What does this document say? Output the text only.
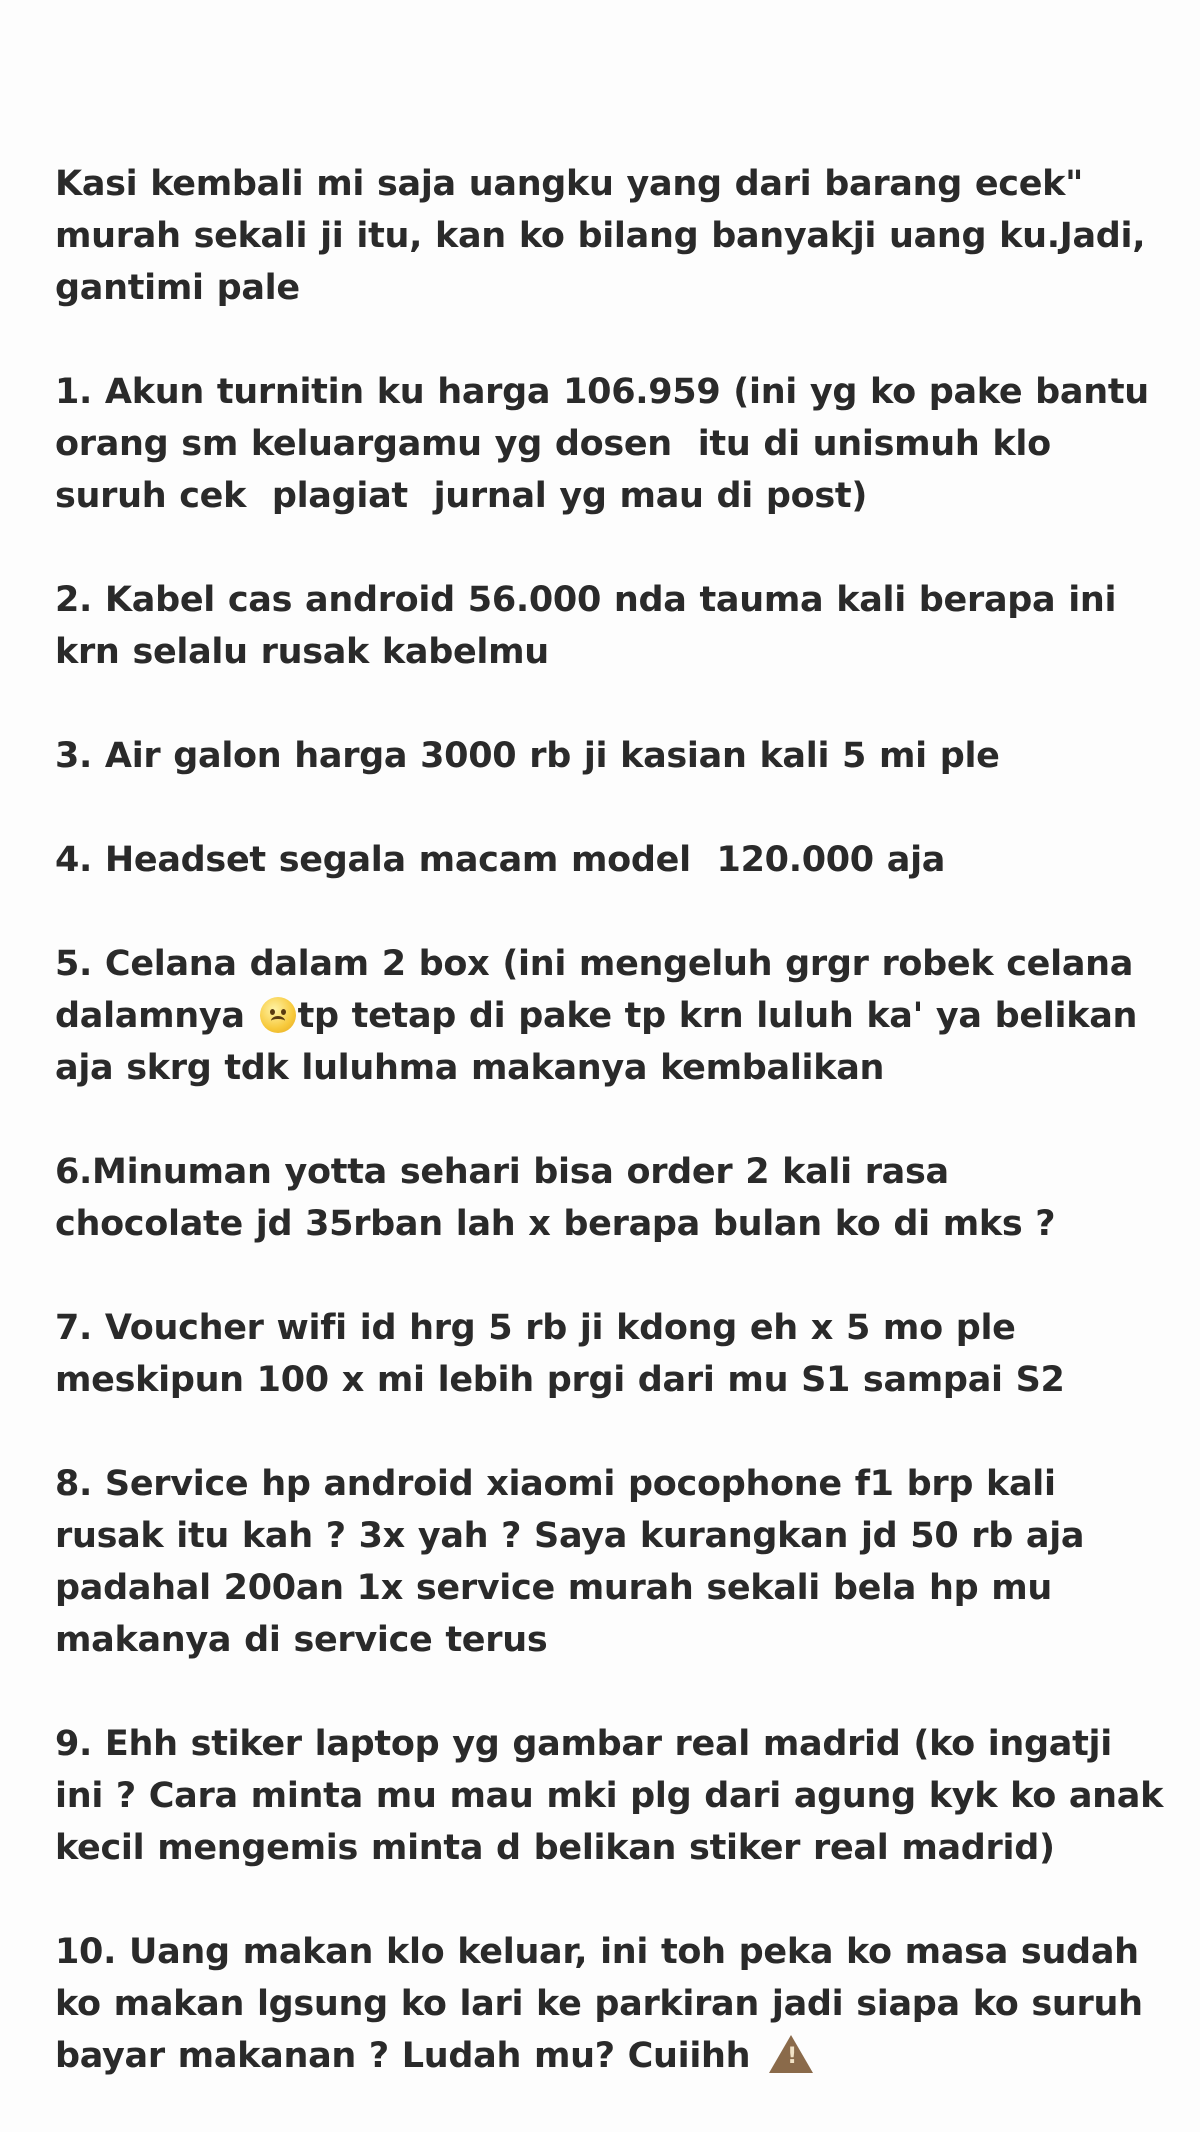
Kasi kembali mi saja uangku yang dari barang ecek"
murah sekali ji itu, kan ko bilang banyakji uang ku.Jadi,
gantimi pale
1. Akun turnitin ku harga 106.959 (ini yg ko pake bantu
orang sm keluargamu yg dosen  itu di unismuh klo
suruh cek  plagiat  jurnal yg mau di post)
2. Kabel cas android 56.000 nda tauma kali berapa ini
krn selalu rusak kabelmu
3. Air galon harga 3000 rb ji kasian kali 5 mi ple
4. Headset segala macam model  120.000 aja
5. Celana dalam 2 box (ini mengeluh grgr robek celana
dalamnya
tp tetap di pake tp krn luluh ka' ya belikan
aja skrg tdk luluhma makanya kembalikan
6.Minuman yotta sehari bisa order 2 kali rasa
chocolate jd 35rban lah x berapa bulan ko di mks ?
7. Voucher wifi id hrg 5 rb ji kdong eh x 5 mo ple
meskipun 100 x mi lebih prgi dari mu S1 sampai S2
8. Service hp android xiaomi pocophone f1 brp kali
rusak itu kah ? 3x yah ? Saya kurangkan jd 50 rb aja
padahal 200an 1x service murah sekali bela hp mu
makanya di service terus
9. Ehh stiker laptop yg gambar real madrid (ko ingatji
ini ? Cara minta mu mau mki plg dari agung kyk ko anak
kecil mengemis minta d belikan stiker real madrid)
10. Uang makan klo keluar, ini toh peka ko masa sudah
ko makan lgsung ko lari ke parkiran jadi siapa ko suruh
bayar makanan ? Ludah mu? Cuiihh !
